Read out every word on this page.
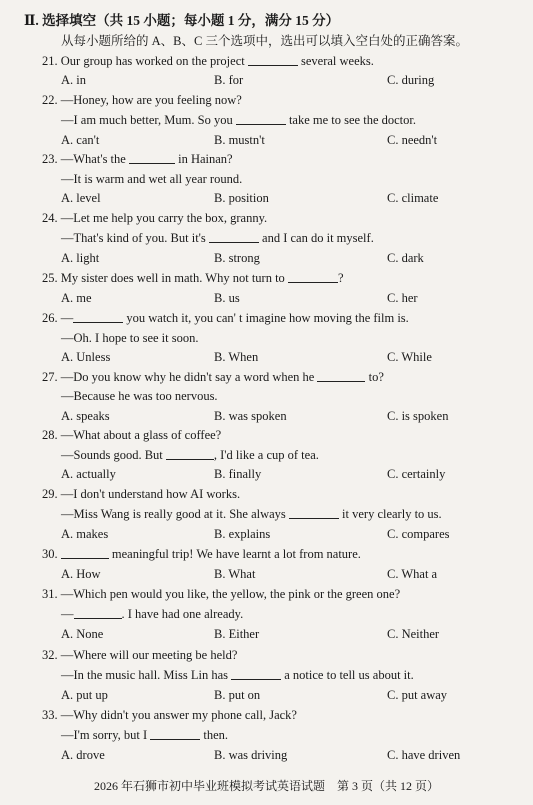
Ⅱ. 选择填空（共 15 小题；每小题 1 分，满分 15 分）
从每小题所给的 A、B、C 三个选项中，选出可以填入空白处的正确答案。
21. Our group has worked on the project	several weeks.
A. in	B. for	C. during
22. —Honey, how are you feeling now?
—I am much better, Mum. So you	take me to see the doctor.
A. can't	B. mustn't	C. needn't
23. —What's the	in Hainan?
—It is warm and wet all year round.
A. level	B. position	C. climate
24. —Let me help you carry the box, granny.
—That's kind of you. But it's	and I can do it myself.
A. light	B. strong	C. dark
25. My sister does well in math. Why not turn to	?
A. me	B. us	C. her
26. —	you watch it, you can' t imagine how moving the film is.
—Oh. I hope to see it soon.
A. Unless	B. When	C. While
27. —Do you know why he didn't say a word when he	to?
—Because he was too nervous.
A. speaks	B. was spoken	C. is spoken
28. —What about a glass of coffee?
—Sounds good. But	, I'd like a cup of tea.
A. actually	B. finally	C. certainly
29. —I don't understand how AI works.
—Miss Wang is really good at it. She always	it very clearly to us.
A. makes	B. explains	C. compares
30.	meaningful trip! We have learnt a lot from nature.
A. How	B. What	C. What a
31. —Which pen would you like, the yellow, the pink or the green one?
—	. I have had one already.
A. None	B. Either	C. Neither
32. —Where will our meeting be held?
—In the music hall. Miss Lin has	a notice to tell us about it.
A. put up	B. put on	C. put away
33. —Why didn't you answer my phone call, Jack?
—I'm sorry, but I	then.
A. drove	B. was driving	C. have driven
2026 年石狮市初中毕业班模拟考试英语试题　第 3 页（共 12 页）
